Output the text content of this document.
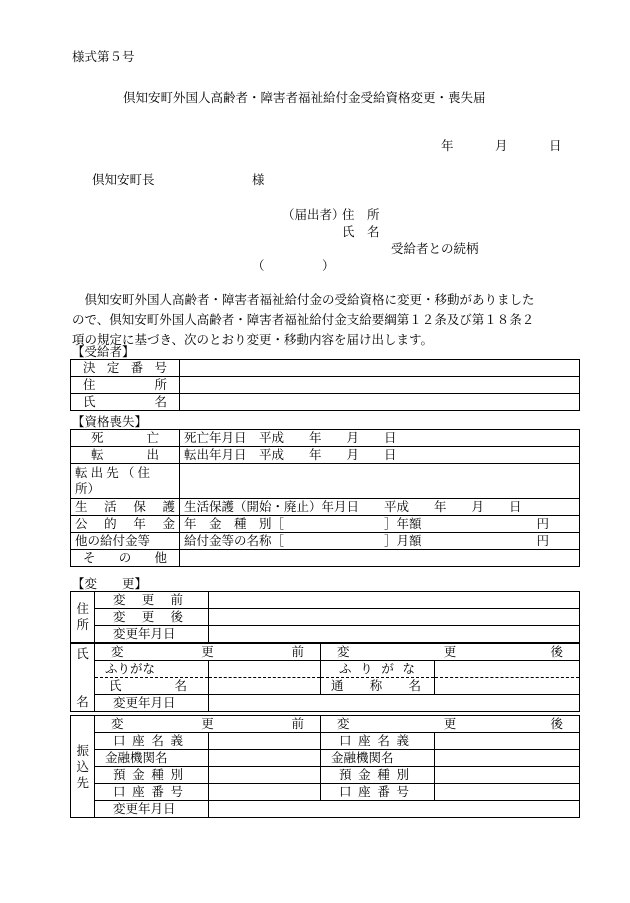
様式第５号
倶知安町外国人高齢者・障害者福祉給付金受給資格変更・喪失届
年	月	日
倶知安町長	様
（届出者）
住　所
氏　名
受給者との続柄
（	）

倶知安町外国人高齢者・障害者福祉給付金の受給資格に変更・移動がありました

ので、倶知安町外国人高齢者・障害者福祉給付金支給要綱第１２条及び第１８条２
項の規定に基づき、次のとおり変更・移動内容を届け出します。
【受給者】
決 定 番 号	

住 所	

氏 名	

【資格喪失】
死 亡	死亡年月日　平成　　年　　月　　日

転 出	転出年月日　平成　　年　　月　　日

転出先（住
所）	

生 活 保 護	生活保護（開始・廃止）年月日　　平成　　年　　月　　日

公 的 年 金	年　金　種　別［　　　　　　　　］年額 円

他の給付金等	給付金等の名称［　　　　　　　　］月額 円

そ の 他	

【変　　更】
住所	変 更 前	

	変 更 後	

	変更年月日	
氏
名	変 更 前		変 更 後	

	ふりがな		ふ り が な	

	氏 名		通 称 名	

	変更年月日			
振込先	変 更 前		変 更 後	

	口 座 名 義		口 座 名 義	

	金融機関名		金融機関名	

	預 金 種 別		預 金 種 別	

	口 座 番 号		口 座 番 号	

	変更年月日			
